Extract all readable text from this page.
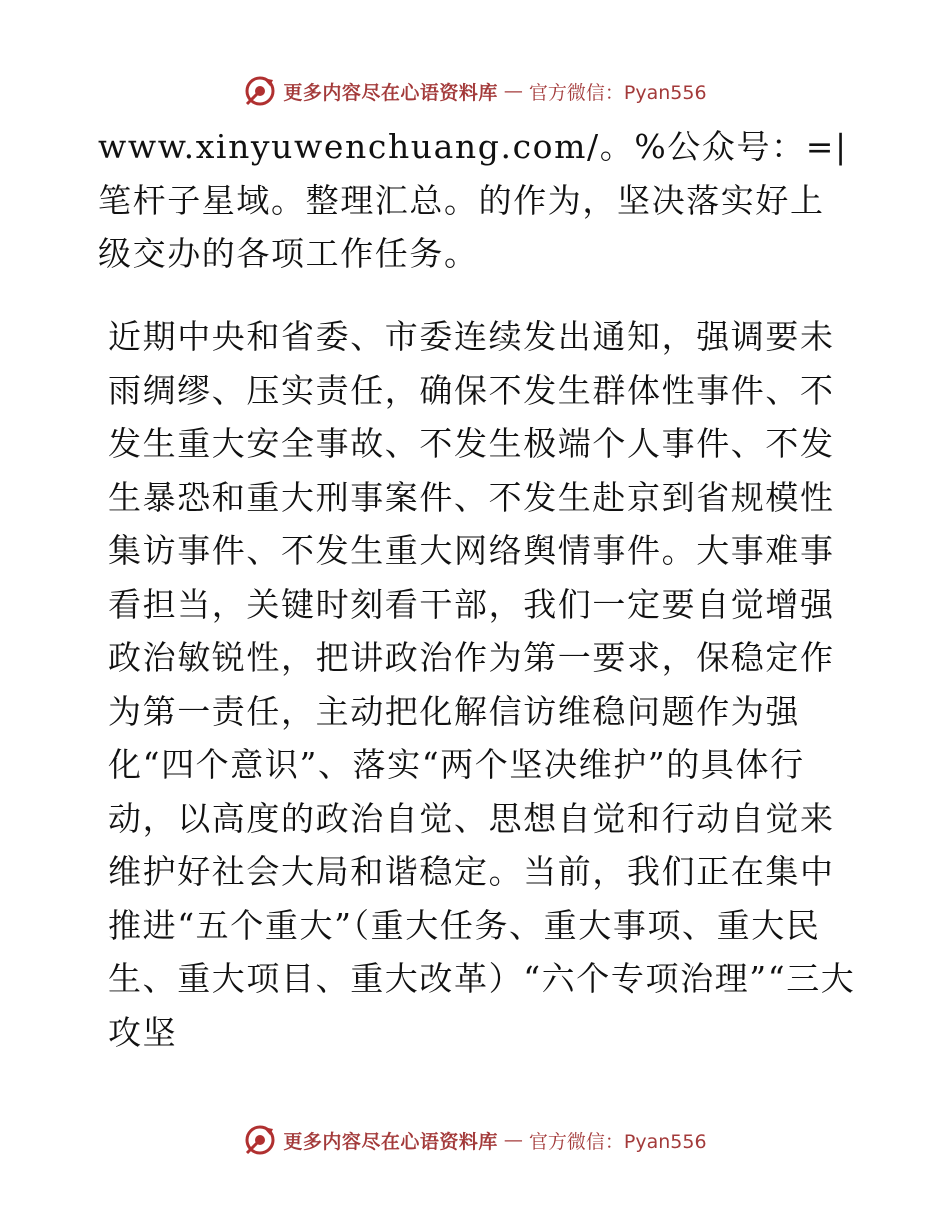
更多内容尽在心语资料库 — 官方微信：Pyan556
www.xinyuwenchuang.com/。%公众号：=|笔杆子星域。整理汇总。的作为，坚决落实好上级交办的各项工作任务。
近期中央和省委、市委连续发出通知，强调要未雨绸缪、压实责任，确保不发生群体性事件、不发生重大安全事故、不发生极端个人事件、不发生暴恐和重大刑事案件、不发生赴京到省规模性集访事件、不发生重大网络舆情事件。大事难事看担当，关键时刻看干部，我们一定要自觉增强政治敏锐性，把讲政治作为第一要求，保稳定作为第一责任，主动把化解信访维稳问题作为强化“四个意识”、落实“两个坚决维护”的具体行动，以高度的政治自觉、思想自觉和行动自觉来维护好社会大局和谐稳定。当前，我们正在集中推进“五个重大”（重大任务、重大事项、重大民生、重大项目、重大改革）“六个专项治理”“三大攻坚
更多内容尽在心语资料库 — 官方微信：Pyan556
